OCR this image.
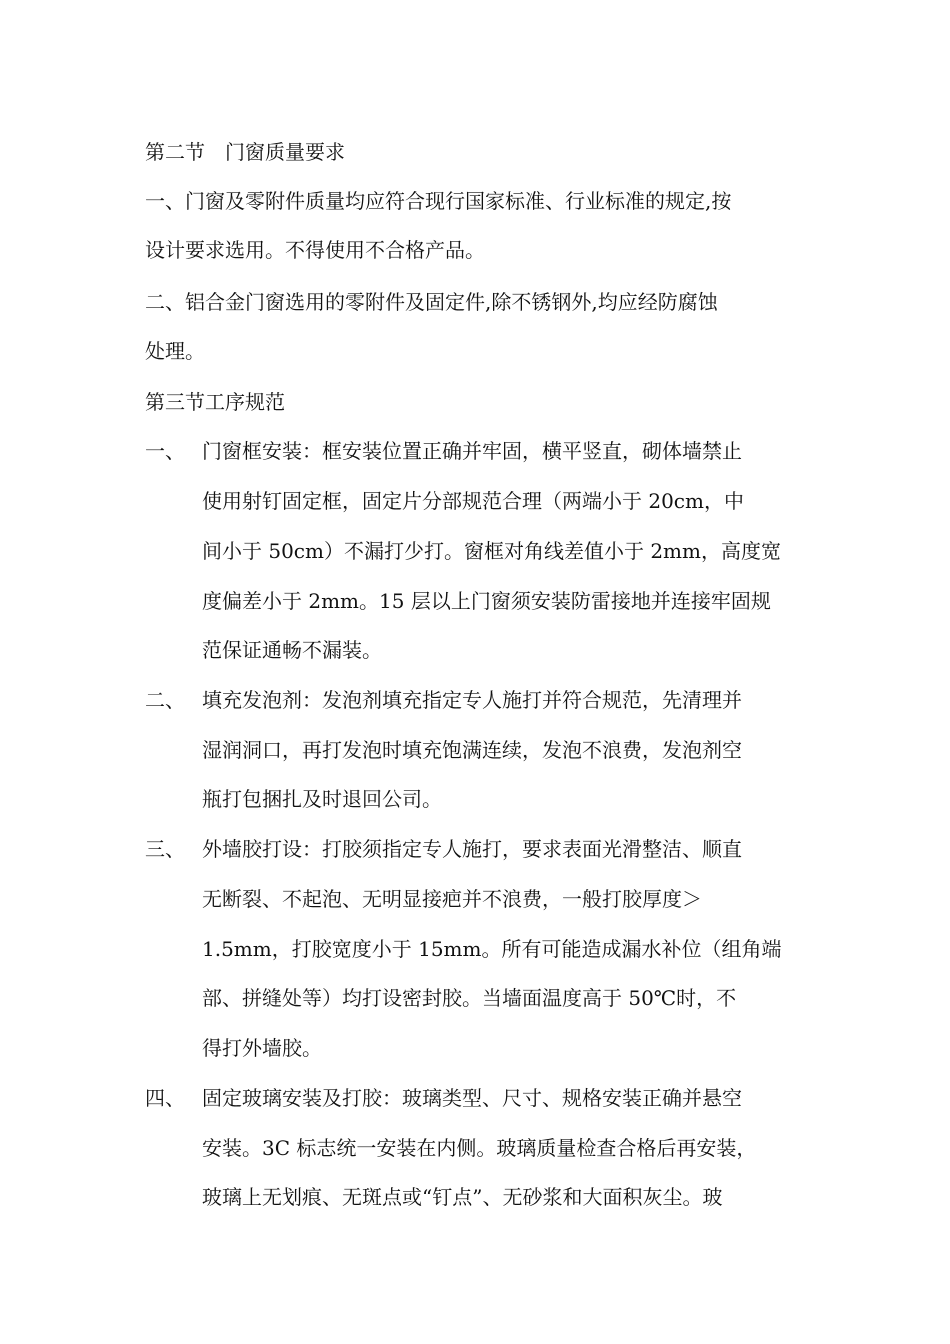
第二节　门窗质量要求
一、门窗及零附件质量均应符合现行国家标准、行业标准的规定,按
设计要求选用。不得使用不合格产品。
二、铝合金门窗选用的零附件及固定件,除不锈钢外,均应经防腐蚀
处理。
第三节工序规范
一、 门窗框安装：框安装位置正确并牢固，横平竖直，砌体墙禁止
使用射钉固定框，固定片分部规范合理（两端小于 20cm，中
间小于 50cm）不漏打少打。窗框对角线差值小于 2mm，高度宽
度偏差小于 2mm。15 层以上门窗须安装防雷接地并连接牢固规
范保证通畅不漏装。
二、 填充发泡剂：发泡剂填充指定专人施打并符合规范，先清理并
湿润洞口，再打发泡时填充饱满连续，发泡不浪费，发泡剂空
瓶打包捆扎及时退回公司。
三、 外墙胶打设：打胶须指定专人施打，要求表面光滑整洁、顺直
无断裂、不起泡、无明显接疤并不浪费，一般打胶厚度＞
1.5mm，打胶宽度小于 15mm。所有可能造成漏水补位（组角端
部、拼缝处等）均打设密封胶。当墙面温度高于 50℃时，不
得打外墙胶。
四、 固定玻璃安装及打胶：玻璃类型、尺寸、规格安装正确并悬空
安装。3C 标志统一安装在内侧。玻璃质量检查合格后再安装，
玻璃上无划痕、无斑点或“钉点”、无砂浆和大面积灰尘。玻
